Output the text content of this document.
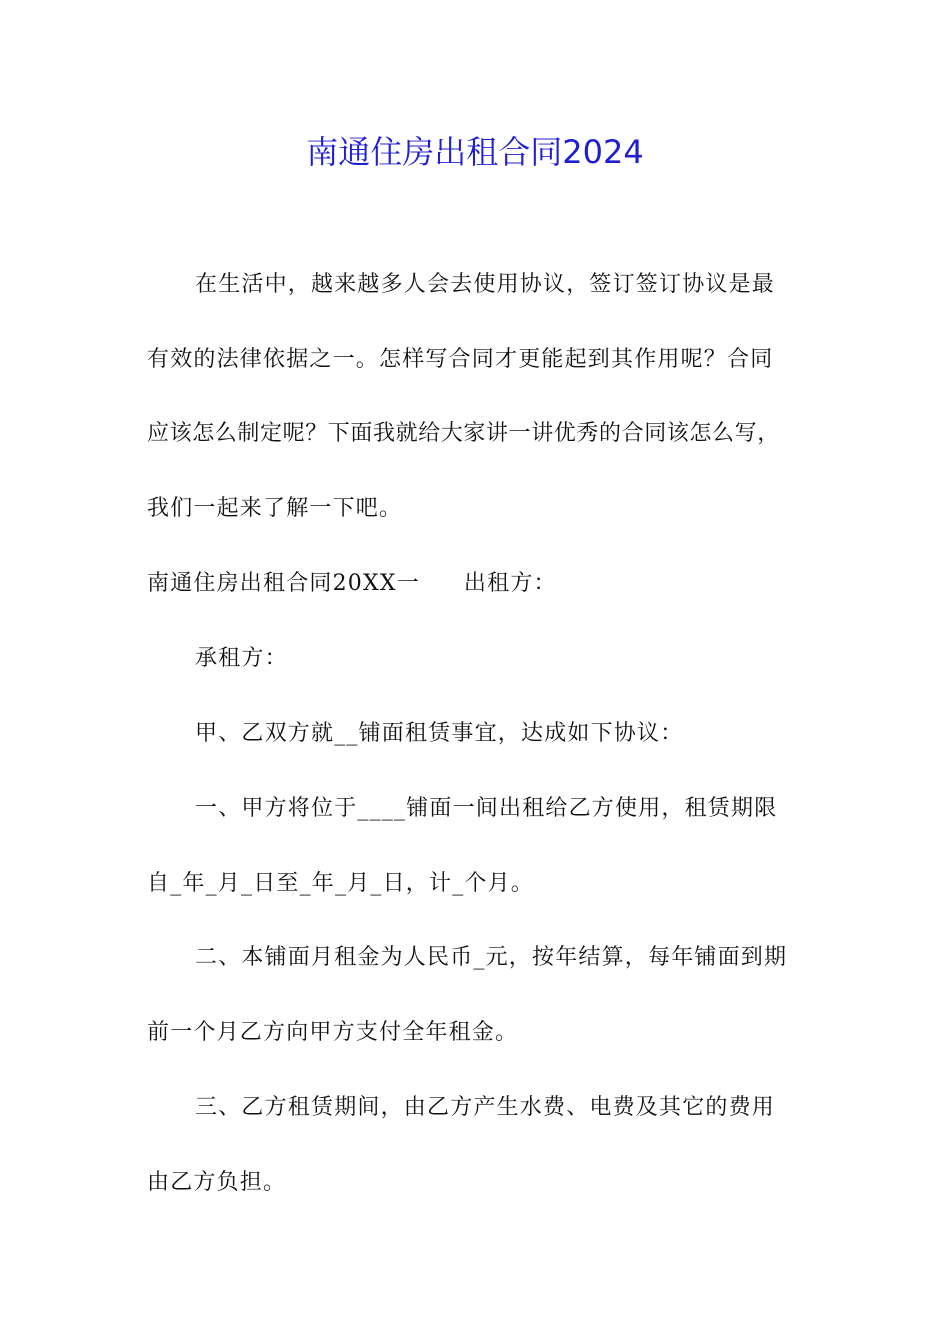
南通住房出租合同2024
在生活中，越来越多人会去使用协议，签订签订协议是最
有效的法律依据之一。怎样写合同才更能起到其作用呢？合同
应该怎么制定呢？下面我就给大家讲一讲优秀的合同该怎么写，
我们一起来了解一下吧。
南通住房出租合同20XX一 出租方：
承租方：
甲、乙双方就__铺面租赁事宜，达成如下协议：
一、甲方将位于____铺面一间出租给乙方使用，租赁期限
自_年_月_日至_年_月_日，计_个月。
二、本铺面月租金为人民币_元，按年结算，每年铺面到期
前一个月乙方向甲方支付全年租金。
三、乙方租赁期间，由乙方产生水费、电费及其它的费用
由乙方负担。
